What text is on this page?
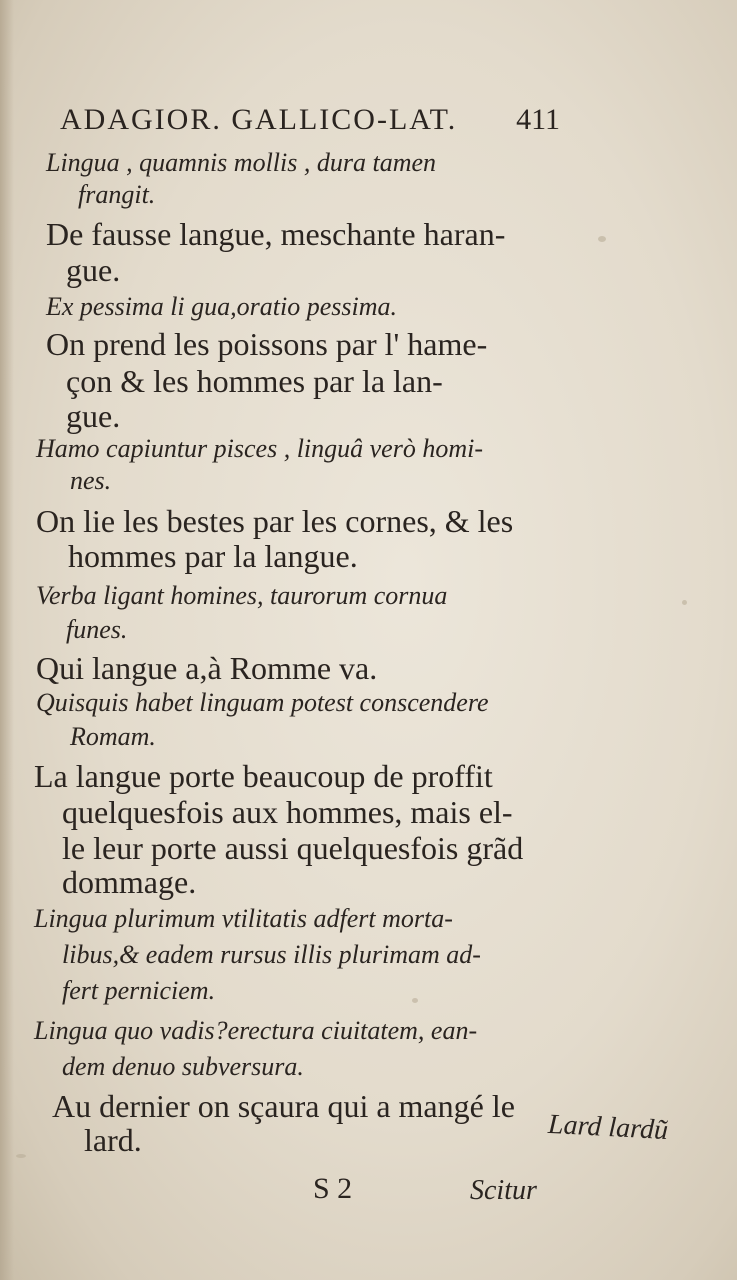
ADAGIOR. GALLICO-LAT. 411
Lingua , quamnis mollis , dura tamen
frangit.
De fausse langue, meschante haran-
gue.
Ex pessima li gua,oratio pessima.
On prend les poissons par l' hame-
çon & les hommes par la lan-
gue.
Hamo capiuntur pisces , linguâ verò homi-
nes.
On lie les bestes par les cornes, & les
hommes par la langue.
Verba ligant homines, taurorum cornua
funes.
Qui langue a,à Romme va.
Quisquis habet linguam potest conscendere
Romam.
La langue porte beaucoup de proffit
quelquesfois aux hommes, mais el-
le leur porte aussi quelquesfois grãd
dommage.
Lingua plurimum vtilitatis adfert morta-
libus,& eadem rursus illis plurimam ad-
fert perniciem.
Lingua quo vadis?erectura ciuitatem, ean-
dem denuo subversura.
Au dernier on sçaura qui a mangé le
lard.	Lard lardũ
S 2	Scitur
